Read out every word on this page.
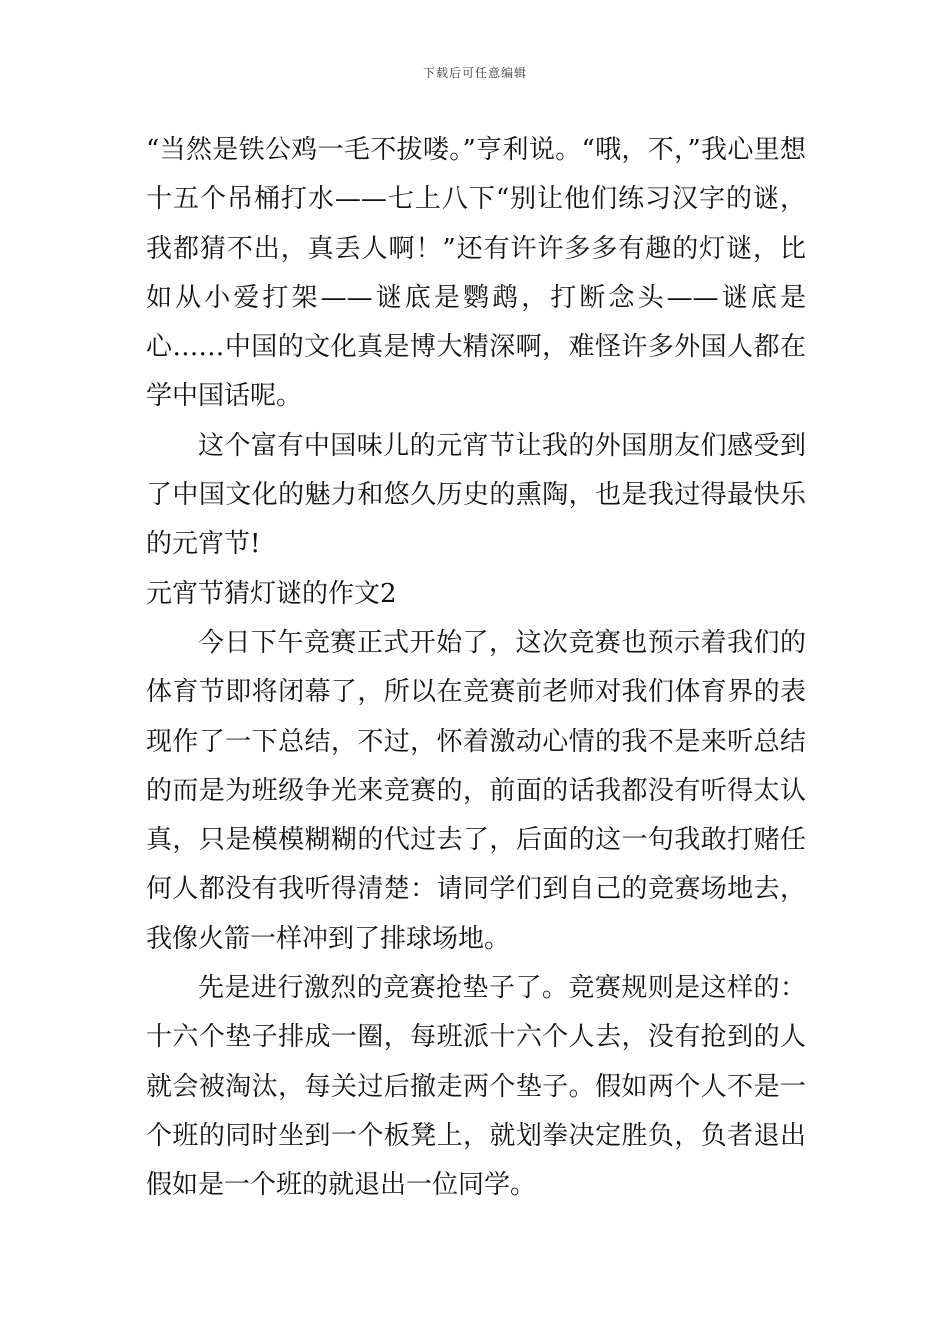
下载后可任意编辑

“当然是铁公鸡一毛不拔喽。”亨利说。“哦，不，”我心里想十五个吊桶打水——七上八下“别让他们练习汉字的谜，我都猜不出，真丢人啊！”还有许许多多有趣的灯谜，比如从小爱打架——谜底是鹦鹉，打断念头——谜底是心……中国的文化真是博大精深啊，难怪许多外国人都在学中国话呢。

这个富有中国味儿的元宵节让我的外国朋友们感受到了中国文化的魅力和悠久历史的熏陶，也是我过得最快乐的元宵节!

元宵节猜灯谜的作文2

今日下午竞赛正式开始了，这次竞赛也预示着我们的体育节即将闭幕了，所以在竞赛前老师对我们体育界的表现作了一下总结，不过，怀着激动心情的我不是来听总结的而是为班级争光来竞赛的，前面的话我都没有听得太认真，只是模模糊糊的代过去了，后面的这一句我敢打赌任何人都没有我听得清楚：请同学们到自己的竞赛场地去，我像火箭一样冲到了排球场地。

先是进行激烈的竞赛抢垫子了。竞赛规则是这样的：十六个垫子排成一圈，每班派十六个人去，没有抢到的人就会被淘汰，每关过后撤走两个垫子。假如两个人不是一个班的同时坐到一个板凳上，就划拳决定胜负，负者退出假如是一个班的就退出一位同学。
